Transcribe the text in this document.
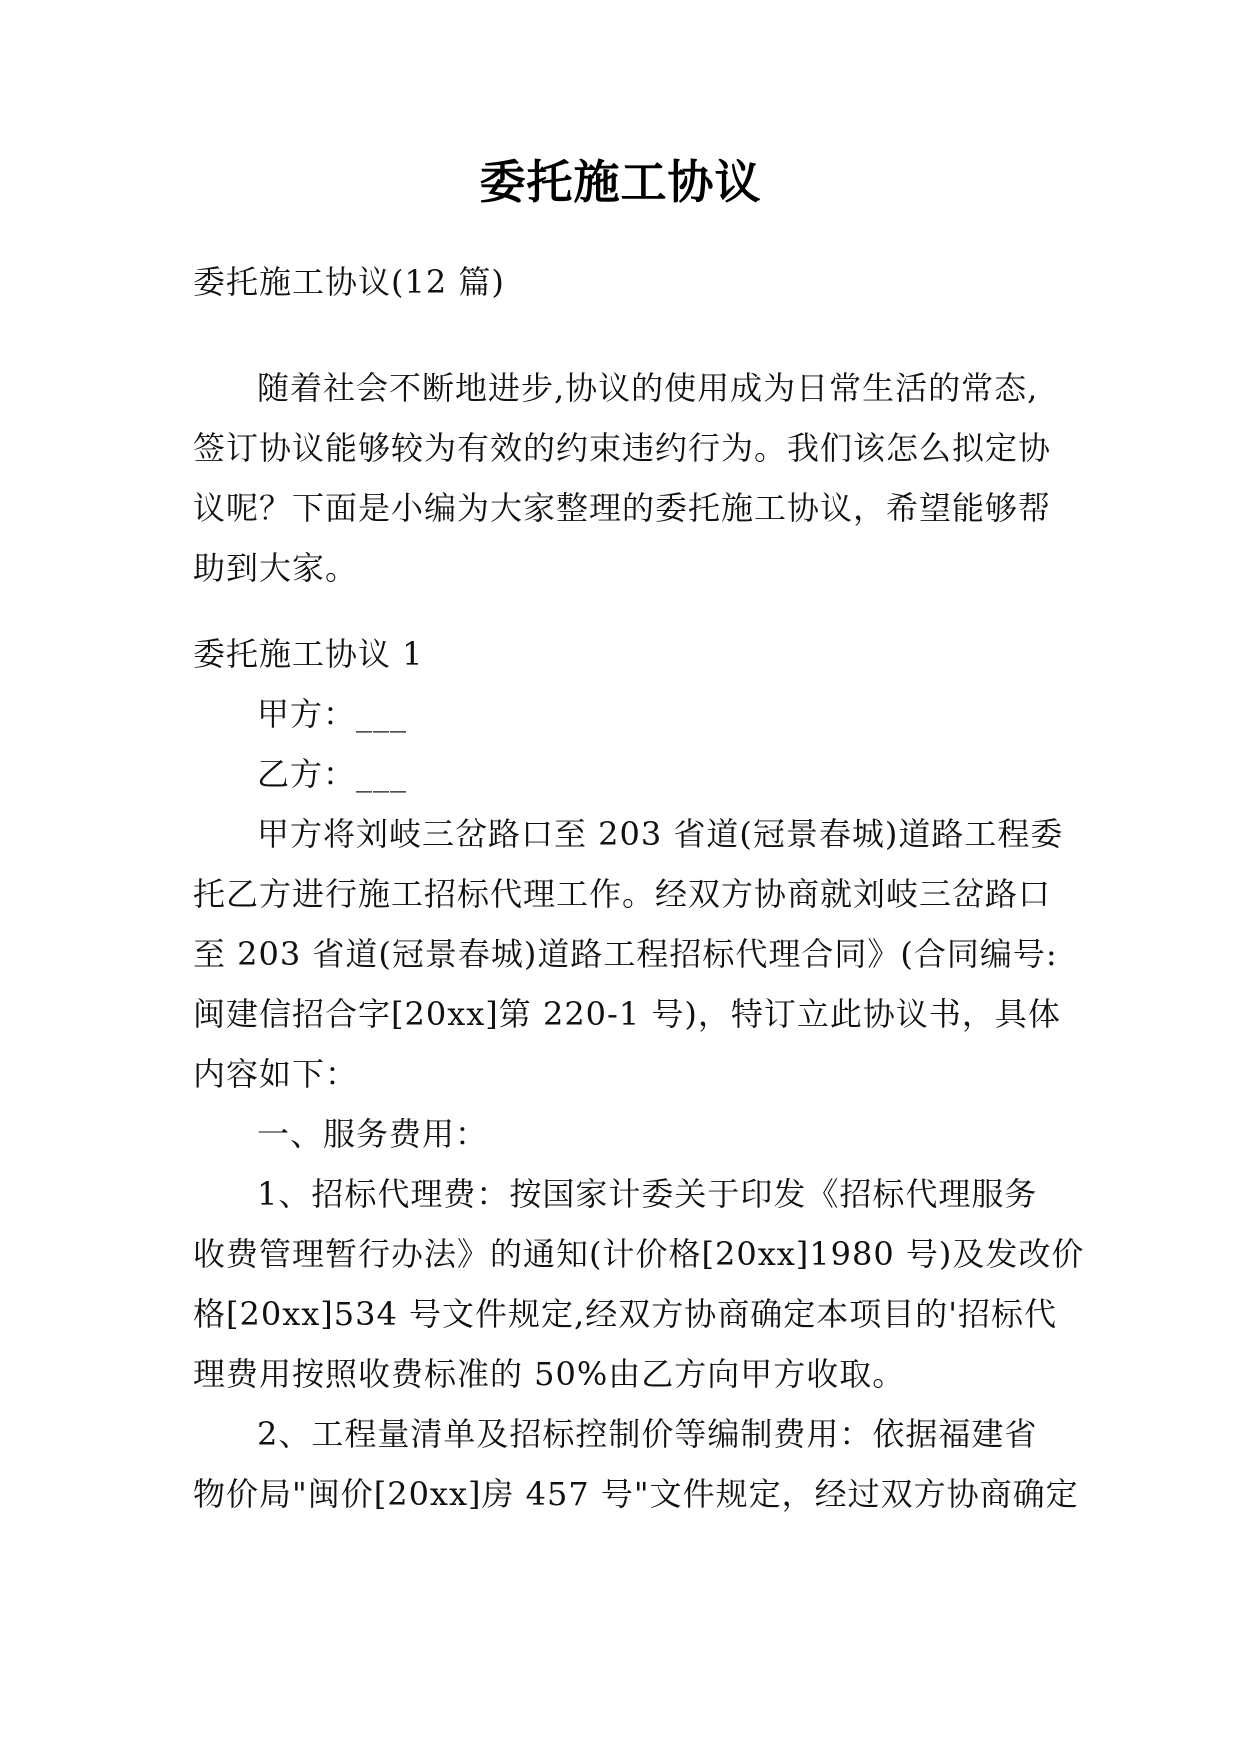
委托施工协议
委托施工协议(12 篇)
随着社会不断地进步,协议的使用成为日常生活的常态,
签订协议能够较为有效的约束违约行为。我们该怎么拟定协
议呢？下面是小编为大家整理的委托施工协议，希望能够帮
助到大家。
委托施工协议 1
甲方：___
乙方：___
甲方将刘岐三岔路口至 203 省道(冠景春城)道路工程委
托乙方进行施工招标代理工作。经双方协商就刘岐三岔路口
至 203 省道(冠景春城)道路工程招标代理合同》(合同编号:
闽建信招合字[20xx]第 220-1 号)，特订立此协议书，具体
内容如下：
一、服务费用：
1、招标代理费：按国家计委关于印发《招标代理服务
收费管理暂行办法》的通知(计价格[20xx]1980 号)及发改价
格[20xx]534 号文件规定,经双方协商确定本项目的'招标代
理费用按照收费标准的 50%由乙方向甲方收取。
2、工程量清单及招标控制价等编制费用：依据福建省
物价局"闽价[20xx]房 457 号"文件规定，经过双方协商确定
